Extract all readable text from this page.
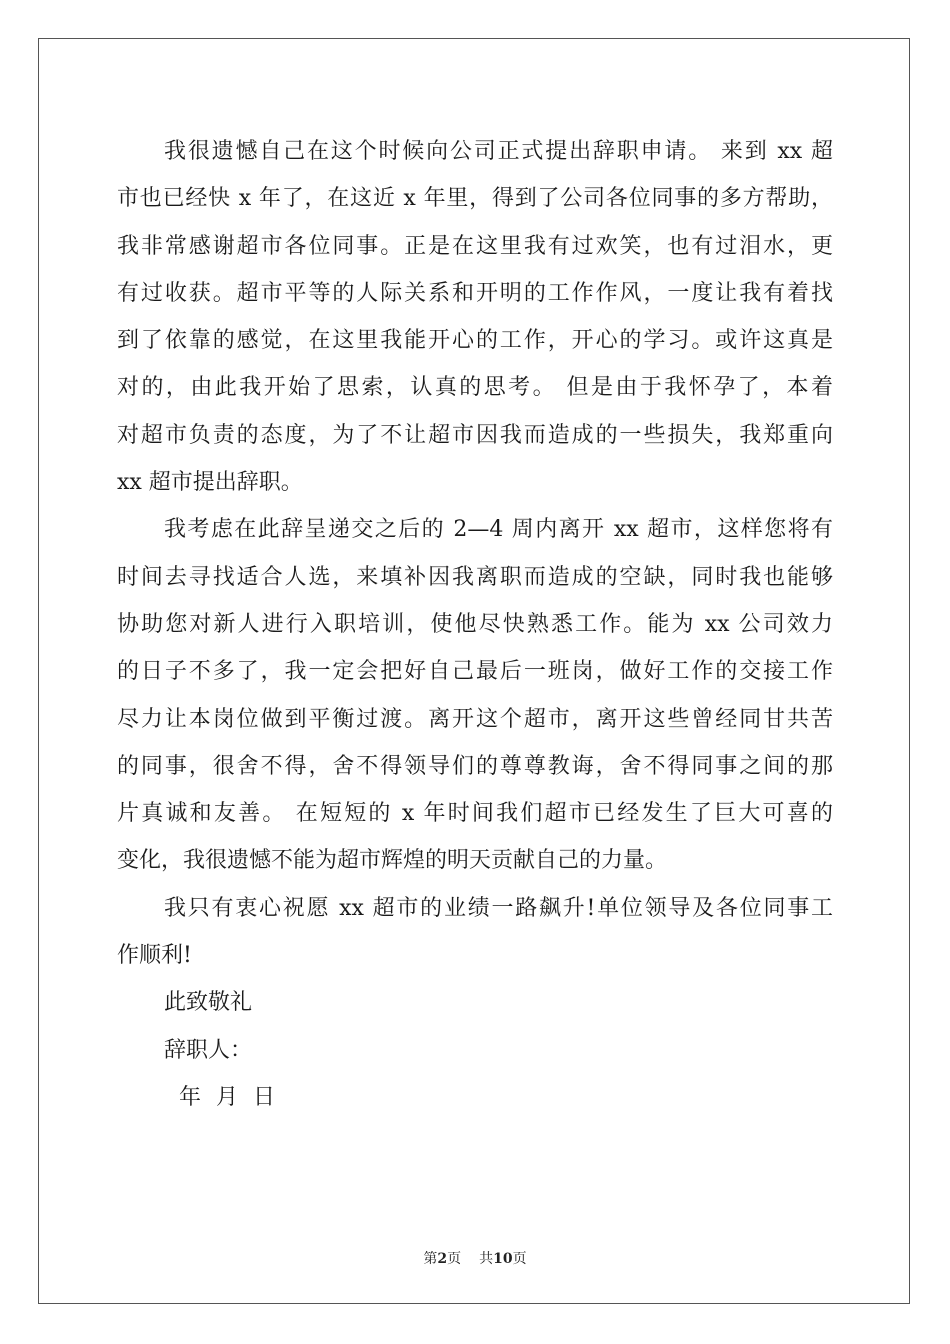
我很遗憾自己在这个时候向公司正式提出辞职申请。 来到 xx 超
市也已经快 x 年了，在这近 x 年里，得到了公司各位同事的多方帮助，
我非常感谢超市各位同事。正是在这里我有过欢笑，也有过泪水，更
有过收获。超市平等的人际关系和开明的工作作风，一度让我有着找
到了依靠的感觉，在这里我能开心的工作，开心的学习。或许这真是
对的，由此我开始了思索，认真的思考。 但是由于我怀孕了，本着
对超市负责的态度，为了不让超市因我而造成的一些损失，我郑重向
xx 超市提出辞职。
我考虑在此辞呈递交之后的 2—4 周内离开 xx 超市，这样您将有
时间去寻找适合人选，来填补因我离职而造成的空缺，同时我也能够
协助您对新人进行入职培训，使他尽快熟悉工作。能为 xx 公司效力
的日子不多了，我一定会把好自己最后一班岗，做好工作的交接工作
尽力让本岗位做到平衡过渡。离开这个超市，离开这些曾经同甘共苦
的同事，很舍不得，舍不得领导们的尊尊教诲，舍不得同事之间的那
片真诚和友善。 在短短的 x 年时间我们超市已经发生了巨大可喜的
变化，我很遗憾不能为超市辉煌的明天贡献自己的力量。
我只有衷心祝愿 xx 超市的业绩一路飙升!单位领导及各位同事工
作顺利!
此致敬礼
辞职人：
年 月 日
第2页 共10页
